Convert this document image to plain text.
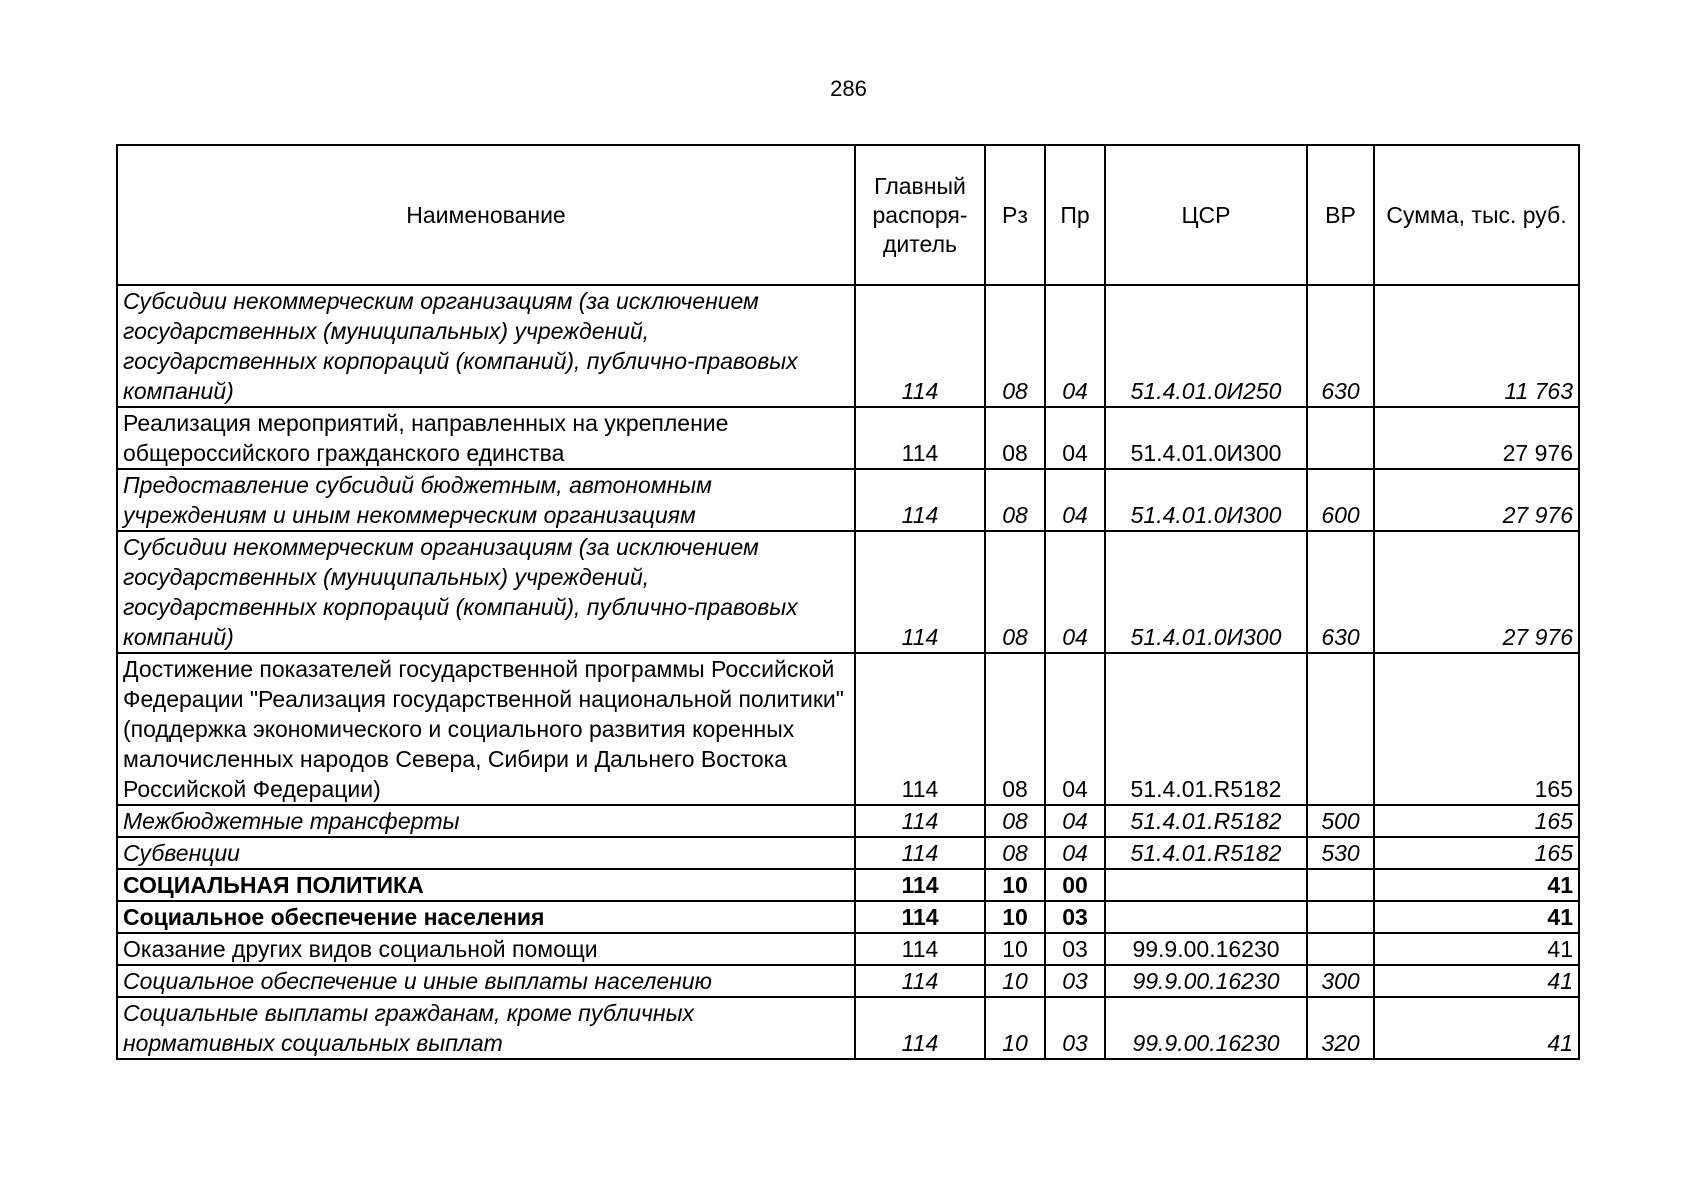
286
Наименование	Главный распоря-дитель	Рз	Пр	ЦСР	ВР	Сумма, тыс. руб.
Субсидии некоммерческим организациям (за исключением государственных (муниципальных) учреждений, государственных корпораций (компаний), публично-правовых компаний)	114	08	04	51.4.01.0И250	630	11 763
Реализация мероприятий, направленных на укрепление общероссийского гражданского единства	114	08	04	51.4.01.0И300		27 976
Предоставление субсидий бюджетным, автономным учреждениям и иным некоммерческим организациям	114	08	04	51.4.01.0И300	600	27 976
Субсидии некоммерческим организациям (за исключением государственных (муниципальных) учреждений, государственных корпораций (компаний), публично-правовых компаний)	114	08	04	51.4.01.0И300	630	27 976
Достижение показателей государственной программы Российской Федерации "Реализация государственной национальной политики" (поддержка экономического и социального развития коренных малочисленных народов Севера, Сибири и Дальнего Востока Российской Федерации)	114	08	04	51.4.01.R5182		165
Межбюджетные трансферты	114	08	04	51.4.01.R5182	500	165
Субвенции	114	08	04	51.4.01.R5182	530	165
СОЦИАЛЬНАЯ ПОЛИТИКА	114	10	00			41
Социальное обеспечение населения	114	10	03			41
Оказание других видов социальной помощи	114	10	03	99.9.00.16230		41
Социальное обеспечение и иные выплаты населению	114	10	03	99.9.00.16230	300	41
Социальные выплаты гражданам, кроме публичных нормативных социальных выплат	114	10	03	99.9.00.16230	320	41
